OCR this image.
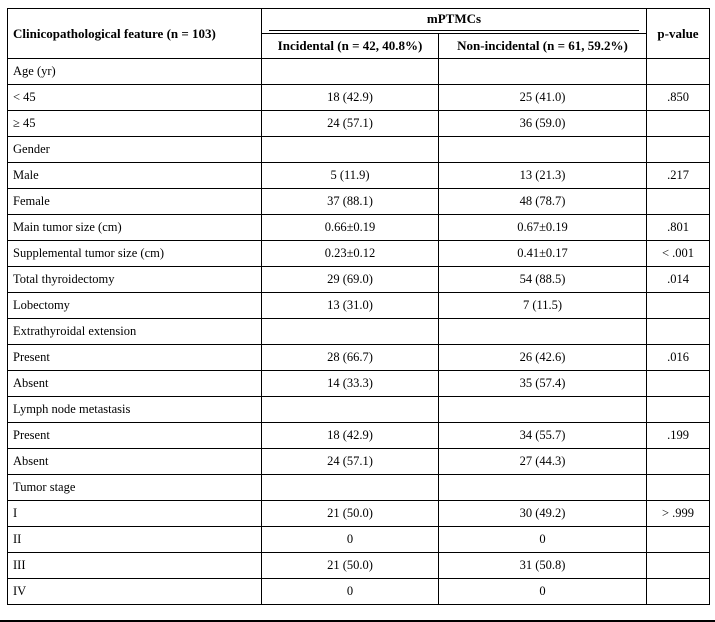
Clinicopathological feature (n = 103)	mPTMCs		p-value
	Incidental (n = 42, 40.8%)	Non-incidental (n = 61, 59.2%)	
Age (yr)			
< 45	18 (42.9)	25 (41.0)	.850
≥ 45	24 (57.1)	36 (59.0)	
Gender			
Male	5 (11.9)	13 (21.3)	.217
Female	37 (88.1)	48 (78.7)	
Main tumor size (cm)	0.66±0.19	0.67±0.19	.801
Supplemental tumor size (cm)	0.23±0.12	0.41±0.17	< .001
Total thyroidectomy	29 (69.0)	54 (88.5)	.014
Lobectomy	13 (31.0)	7 (11.5)	
Extrathyroidal extension			
Present	28 (66.7)	26 (42.6)	.016
Absent	14 (33.3)	35 (57.4)	
Lymph node metastasis			
Present	18 (42.9)	34 (55.7)	.199
Absent	24 (57.1)	27 (44.3)	
Tumor stage			
I	21 (50.0)	30 (49.2)	> .999
II	0	0	
III	21 (50.0)	31 (50.8)	
IV	0	0	
